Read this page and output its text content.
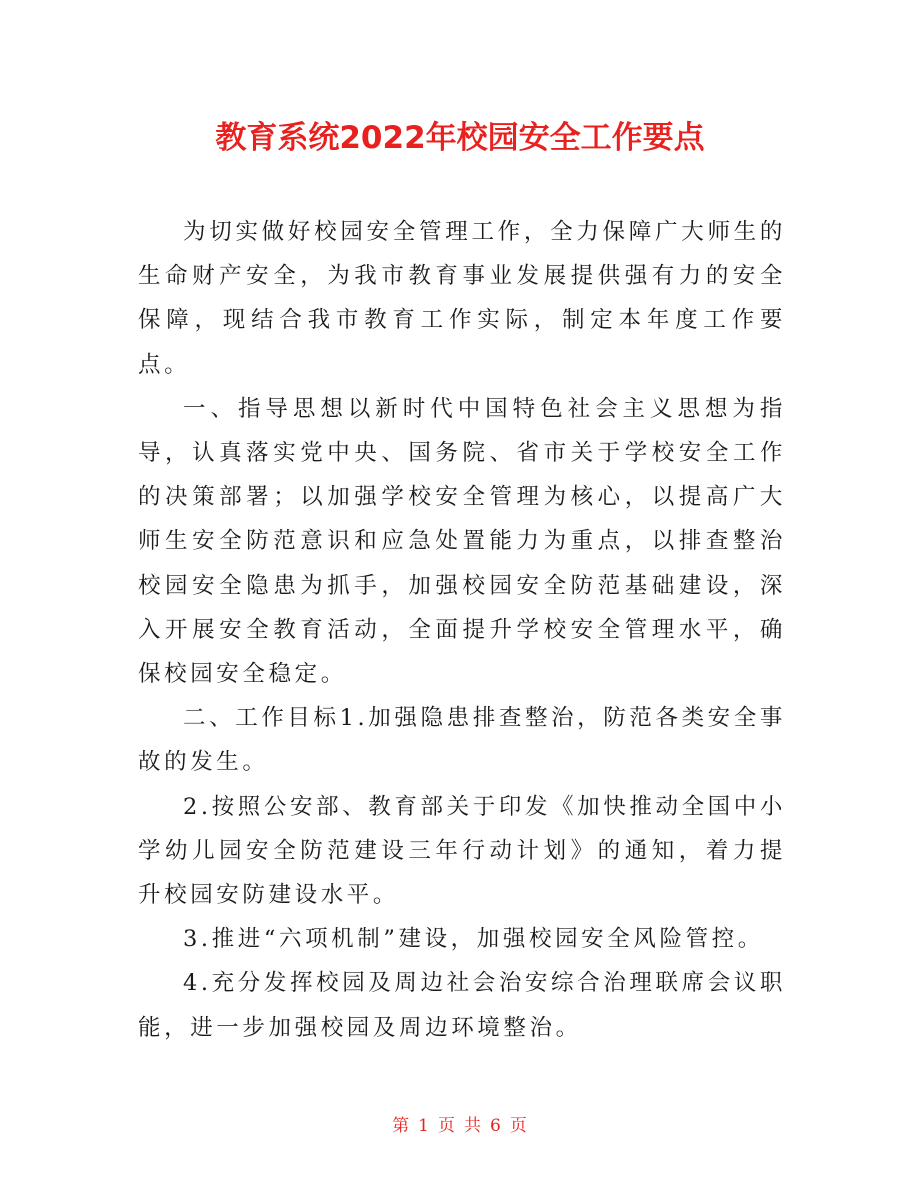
教育系统2022年校园安全工作要点

为切实做好校园安全管理工作，全力保障广大师生的生命财产安全，为我市教育事业发展提供强有力的安全保障，现结合我市教育工作实际，制定本年度工作要点。

一、指导思想以新时代中国特色社会主义思想为指导，认真落实党中央、国务院、省市关于学校安全工作的决策部署；以加强学校安全管理为核心，以提高广大师生安全防范意识和应急处置能力为重点，以排查整治校园安全隐患为抓手，加强校园安全防范基础建设，深入开展安全教育活动，全面提升学校安全管理水平，确保校园安全稳定。

二、工作目标1.加强隐患排查整治，防范各类安全事故的发生。

2.按照公安部、教育部关于印发《加快推动全国中小学幼儿园安全防范建设三年行动计划》的通知，着力提升校园安防建设水平。

3.推进“六项机制”建设，加强校园安全风险管控。

4.充分发挥校园及周边社会治安综合治理联席会议职能，进一步加强校园及周边环境整治。

第 1 页 共 6 页
